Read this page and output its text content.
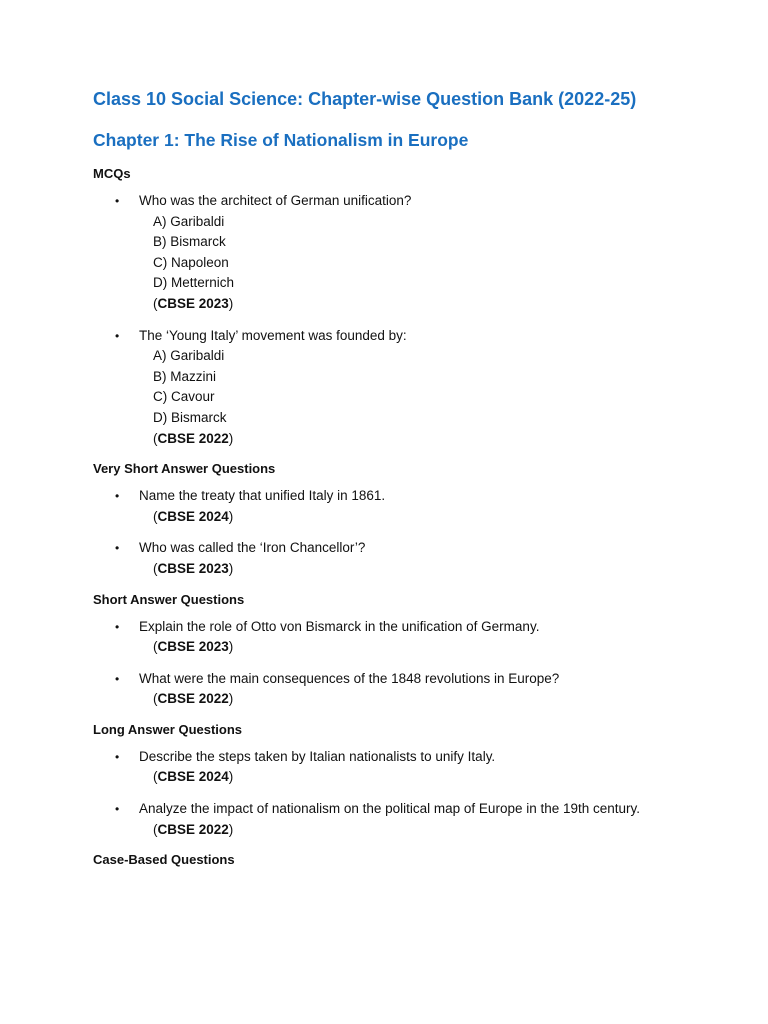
Class 10 Social Science: Chapter-wise Question Bank (2022-25)
Chapter 1: The Rise of Nationalism in Europe
MCQs
• Who was the architect of German unification?
A) Garibaldi
B) Bismarck
C) Napoleon
D) Metternich
(CBSE 2023)
• The ‘Young Italy’ movement was founded by:
A) Garibaldi
B) Mazzini
C) Cavour
D) Bismarck
(CBSE 2022)
Very Short Answer Questions
• Name the treaty that unified Italy in 1861.
(CBSE 2024)
• Who was called the ‘Iron Chancellor’?
(CBSE 2023)
Short Answer Questions
• Explain the role of Otto von Bismarck in the unification of Germany.
(CBSE 2023)
• What were the main consequences of the 1848 revolutions in Europe?
(CBSE 2022)
Long Answer Questions
• Describe the steps taken by Italian nationalists to unify Italy.
(CBSE 2024)
• Analyze the impact of nationalism on the political map of Europe in the 19th century.
(CBSE 2022)
Case-Based Questions
